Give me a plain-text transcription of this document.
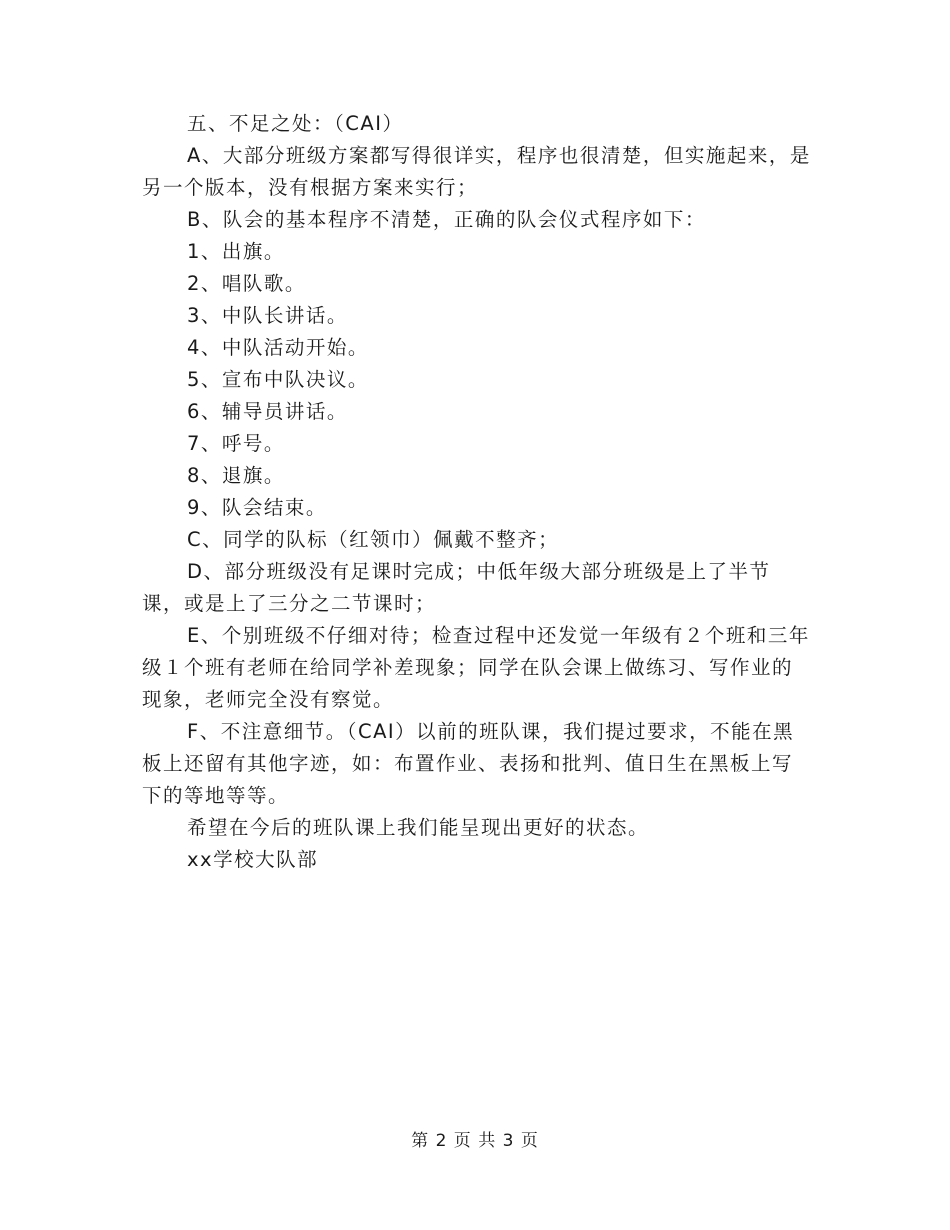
五、不足之处：（CAI）

A、大部分班级方案都写得很详实，程序也很清楚，但实施起来，是另一个版本，没有根据方案来实行；

B、队会的基本程序不清楚，正确的队会仪式程序如下：

1、出旗。

2、唱队歌。

3、中队长讲话。

4、中队活动开始。

5、宣布中队决议。

6、辅导员讲话。

7、呼号。

8、退旗。

9、队会结束。

C、同学的队标（红领巾）佩戴不整齐；

D、部分班级没有足课时完成；中低年级大部分班级是上了半节课，或是上了三分之二节课时；

E、个别班级不仔细对待；检查过程中还发觉一年级有２个班和三年级１个班有老师在给同学补差现象；同学在队会课上做练习、写作业的现象，老师完全没有察觉。

F、不注意细节。（CAI）以前的班队课，我们提过要求，不能在黑板上还留有其他字迹，如：布置作业、表扬和批判、值日生在黑板上写下的等地等等。

希望在今后的班队课上我们能呈现出更好的状态。

xx学校大队部

第 2 页 共 3 页
